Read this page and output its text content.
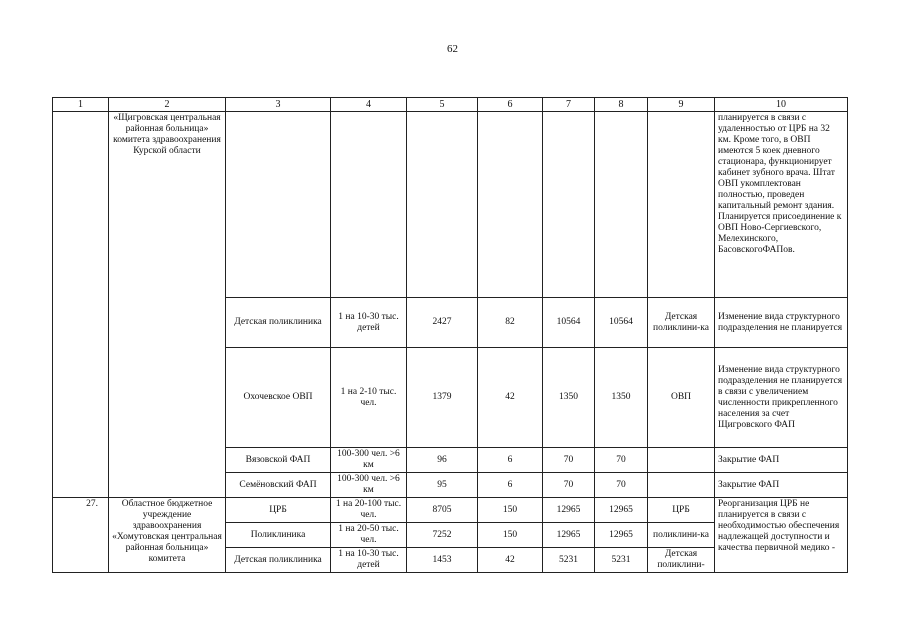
62
1	2	3	4	5	6	7	8	9	10
	«Щигровская центральная районная больница» комитета здравоохранения Курской области								планируется в связи с удаленностью от ЦРБ на 32 км. Кроме того, в ОВП имеются 5 коек дневного стационара, функционирует кабинет зубного врача. Штат ОВП укомплектован полностью, проведен капитальный ремонт здания. Планируется присоединение к ОВП Ново-Сергиевского, Мелехинского, БасовскогоФАПов.
		Детская поликлиника	1 на 10-30 тыс. детей	2427	82	10564	10564	Детская поликлини-ка	Изменение вида структурного подразделения не планируется
		Охочевское ОВП	1 на 2-10 тыс. чел.	1379	42	1350	1350	ОВП	Изменение вида структурного подразделения не планируется в связи с увеличением численности прикрепленного населения за счет Щигровского ФАП
		Вязовской ФАП	100-300 чел. >6 км	96	6	70	70		Закрытие ФАП
		Семёновский ФАП	100-300 чел. >6 км	95	6	70	70		Закрытие ФАП
27.	Областное бюджетное учреждение здравоохранения «Хомутовская центральная районная больница» комитета	ЦРБ	1 на 20-100 тыс. чел.	8705	150	12965	12965	ЦРБ	Реорганизация ЦРБ не планируется в связи с необходимостью обеспечения надлежащей доступности и качества первичной медико -
		Поликлиника	1 на 20-50 тыс. чел.	7252	150	12965	12965	поликлини-ка	
		Детская поликлиника	1 на 10-30 тыс. детей	1453	42	5231	5231	Детская поликлини-	
